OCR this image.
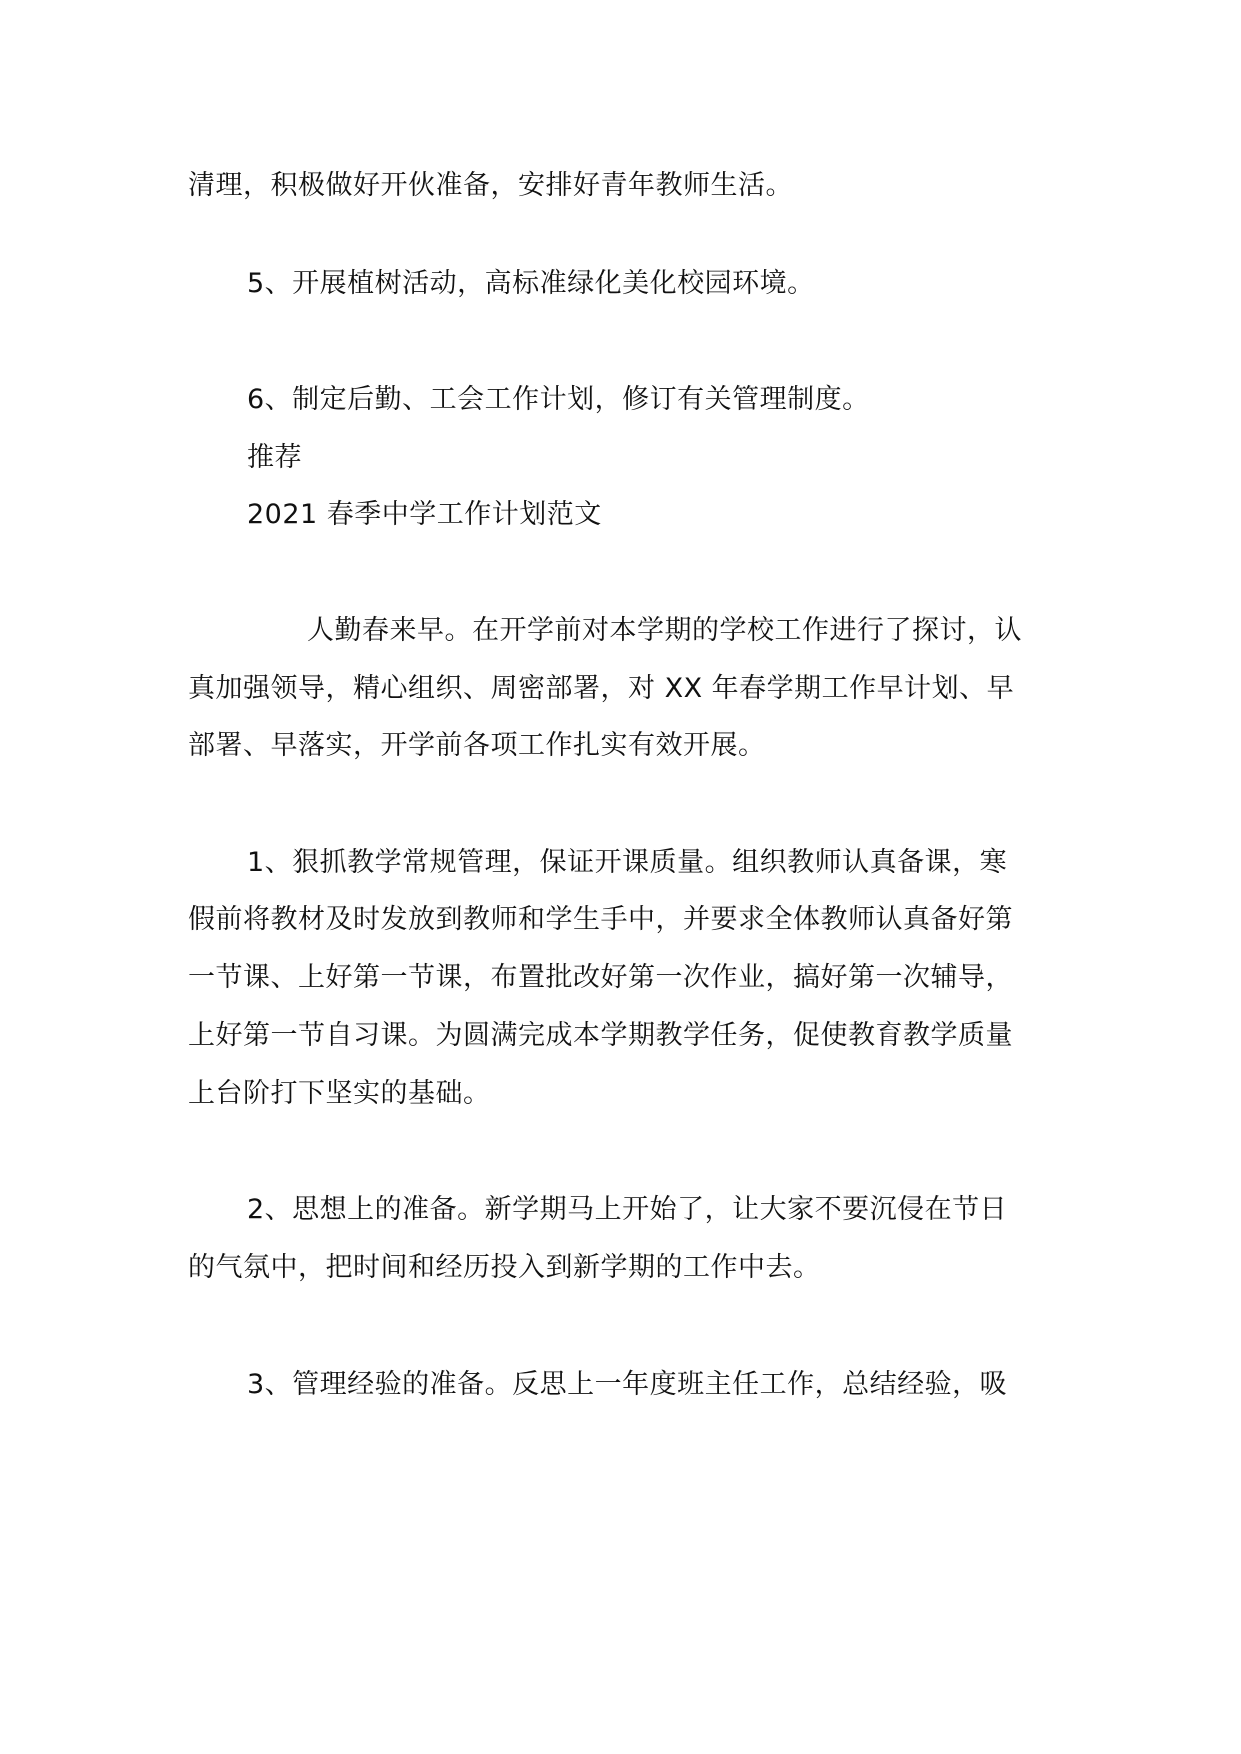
清理，积极做好开伙准备，安排好青年教师生活。

5、开展植树活动，高标准绿化美化校园环境。

6、制定后勤、工会工作计划，修订有关管理制度。

推荐

2021 春季中学工作计划范文

人勤春来早。在开学前对本学期的学校工作进行了探讨，认

真加强领导，精心组织、周密部署，对 XX 年春学期工作早计划、早

部署、早落实，开学前各项工作扎实有效开展。

1、狠抓教学常规管理，保证开课质量。组织教师认真备课，寒

假前将教材及时发放到教师和学生手中，并要求全体教师认真备好第

一节课、上好第一节课，布置批改好第一次作业，搞好第一次辅导，

上好第一节自习课。为圆满完成本学期教学任务，促使教育教学质量

上台阶打下坚实的基础。

2、思想上的准备。新学期马上开始了，让大家不要沉侵在节日

的气氛中，把时间和经历投入到新学期的工作中去。

3、管理经验的准备。反思上一年度班主任工作，总结经验，吸
